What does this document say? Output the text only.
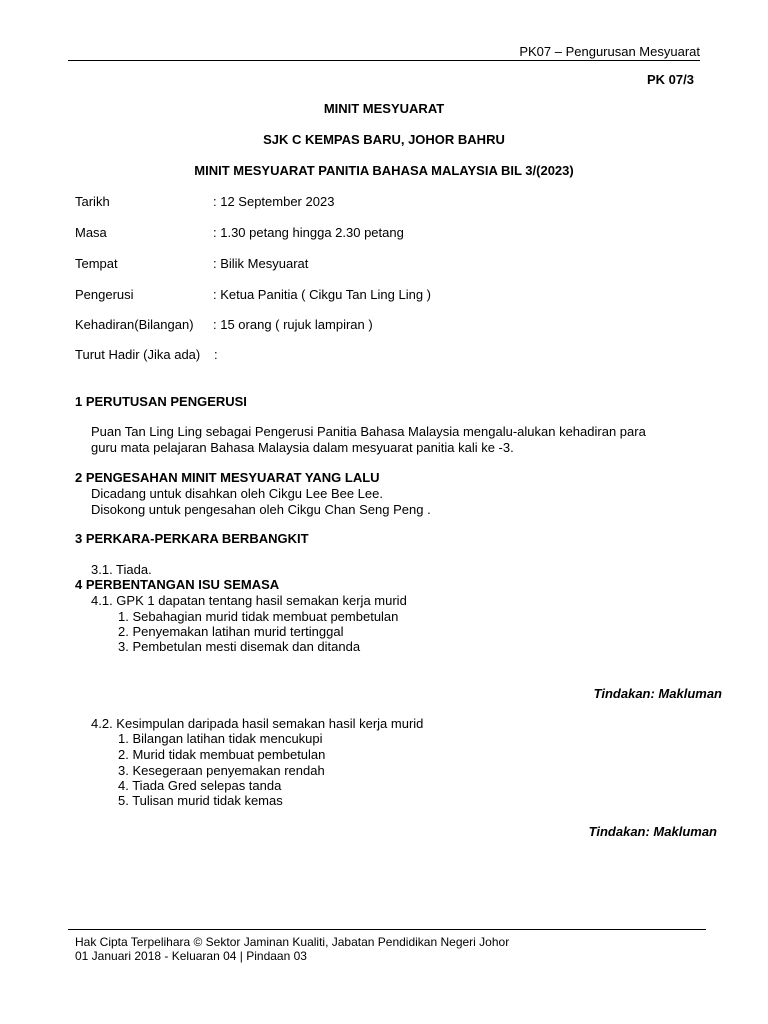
PK07 – Pengurusan Mesyuarat
PK 07/3
MINIT MESYUARAT
SJK C KEMPAS BARU, JOHOR BAHRU
MINIT MESYUARAT PANITIA BAHASA MALAYSIA BIL 3/(2023)
Tarikh	: 12 September 2023
Masa	: 1.30 petang hingga 2.30 petang
Tempat	: Bilik Mesyuarat
Pengerusi	: Ketua Panitia ( Cikgu Tan Ling Ling )
Kehadiran(Bilangan) : 15 orang ( rujuk lampiran )
Turut Hadir (Jika ada) :
1 PERUTUSAN PENGERUSI
Puan Tan Ling Ling sebagai Pengerusi Panitia Bahasa Malaysia mengalu-alukan kehadiran para
guru mata pelajaran Bahasa Malaysia dalam mesyuarat panitia kali ke -3.
2 PENGESAHAN MINIT MESYUARAT YANG LALU
Dicadang untuk disahkan oleh Cikgu Lee Bee Lee.
Disokong untuk pengesahan oleh Cikgu Chan Seng Peng .
3 PERKARA-PERKARA BERBANGKIT
3.1. Tiada.
4 PERBENTANGAN ISU SEMASA
4.1. GPK 1 dapatan tentang hasil semakan kerja murid
1. Sebahagian murid tidak membuat pembetulan
2. Penyemakan latihan murid tertinggal
3. Pembetulan mesti disemak dan ditanda
Tindakan: Makluman
4.2. Kesimpulan daripada hasil semakan hasil kerja murid
1. Bilangan latihan tidak mencukupi
2. Murid tidak membuat pembetulan
3. Kesegeraan penyemakan rendah
4. Tiada Gred selepas tanda
5. Tulisan murid tidak kemas
Tindakan: Makluman
Hak Cipta Terpelihara © Sektor Jaminan Kualiti, Jabatan Pendidikan Negeri Johor
01 Januari 2018 - Keluaran 04 | Pindaan 03
